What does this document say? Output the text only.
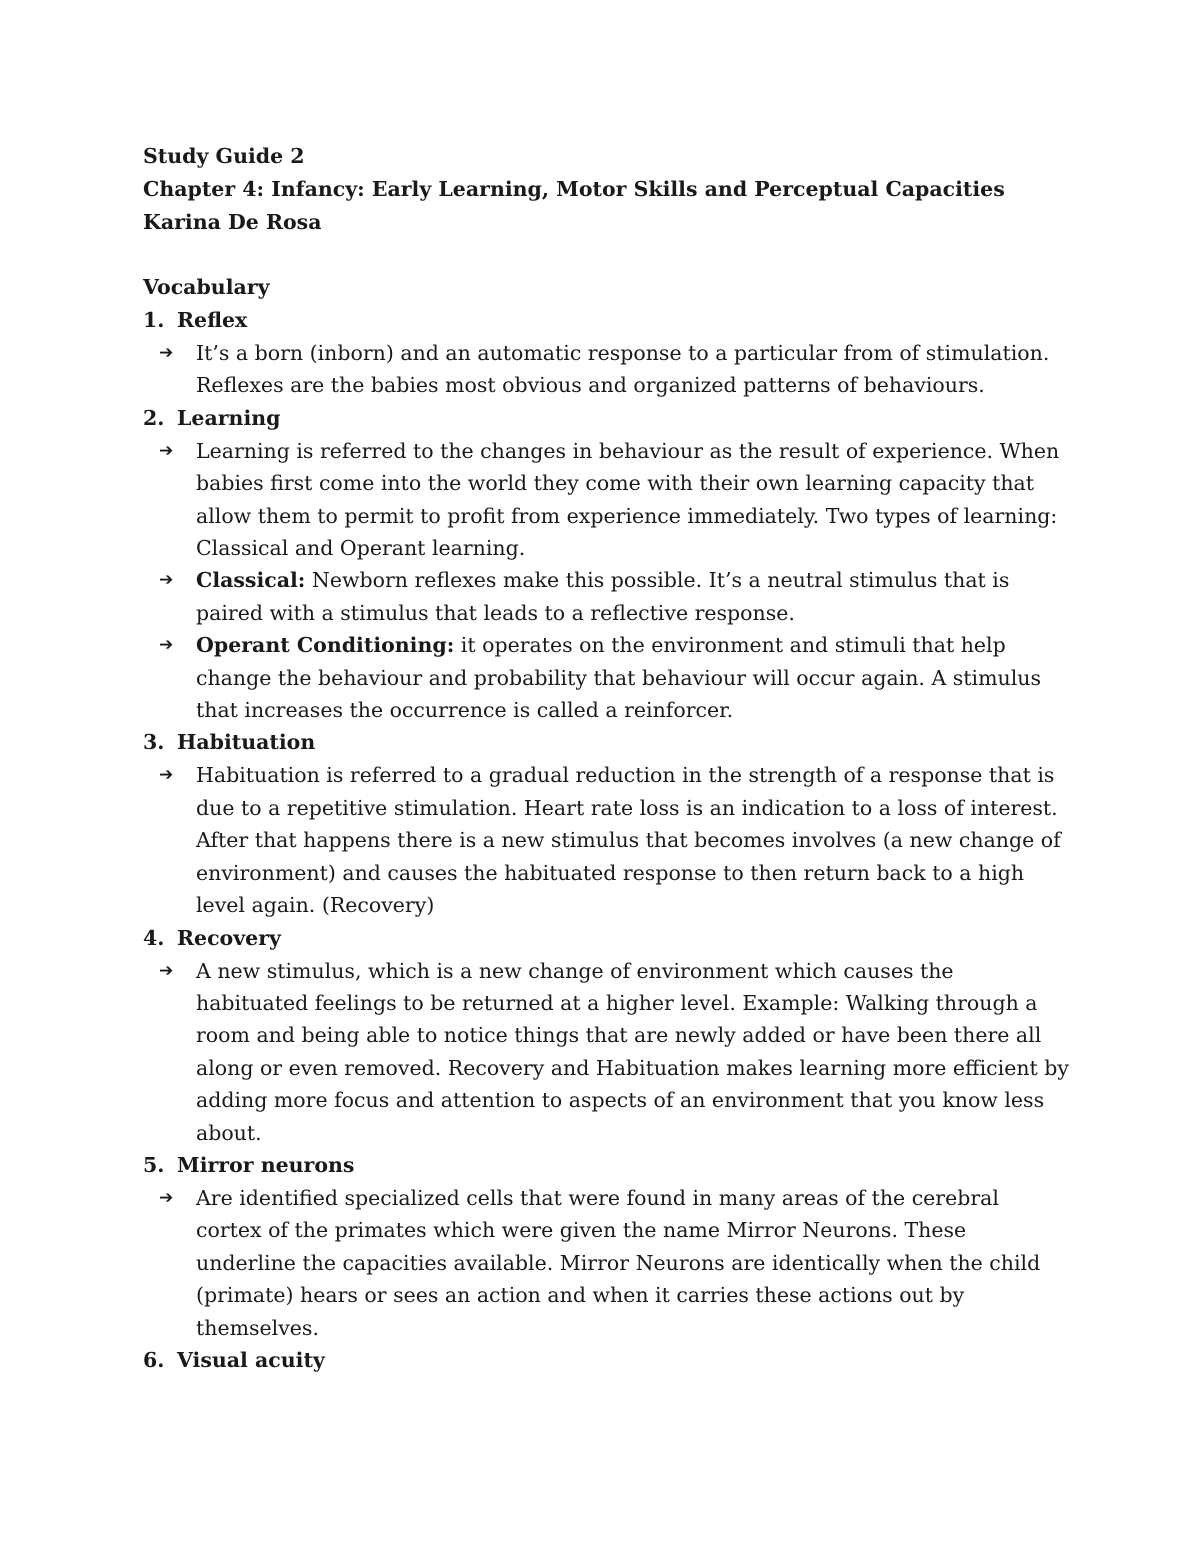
Study Guide 2
Chapter 4: Infancy: Early Learning, Motor Skills and Perceptual Capacities
Karina De Rosa
Vocabulary
1. Reflex
➔	It’s a born (inborn) and an automatic response to a particular from of stimulation. Reflexes are the babies most obvious and organized patterns of behaviours.
2. Learning
➔	Learning is referred to the changes in behaviour as the result of experience. When babies first come into the world they come with their own learning capacity that allow them to permit to profit from experience immediately. Two types of learning: Classical and Operant learning.
➔	Classical: Newborn reflexes make this possible. It’s a neutral stimulus that is paired with a stimulus that leads to a reflective response.
➔	Operant Conditioning: it operates on the environment and stimuli that help change the behaviour and probability that behaviour will occur again. A stimulus that increases the occurrence is called a reinforcer.
3. Habituation
➔	Habituation is referred to a gradual reduction in the strength of a response that is due to a repetitive stimulation. Heart rate loss is an indication to a loss of interest. After that happens there is a new stimulus that becomes involves (a new change of environment) and causes the habituated response to then return back to a high level again. (Recovery)
4. Recovery
➔	A new stimulus, which is a new change of environment which causes the habituated feelings to be returned at a higher level. Example: Walking through a room and being able to notice things that are newly added or have been there all along or even removed. Recovery and Habituation makes learning more efficient by adding more focus and attention to aspects of an environment that you know less about.
5. Mirror neurons
➔	Are identified specialized cells that were found in many areas of the cerebral cortex of the primates which were given the name Mirror Neurons. These underline the capacities available. Mirror Neurons are identically when the child (primate) hears or sees an action and when it carries these actions out by themselves.
6. Visual acuity
